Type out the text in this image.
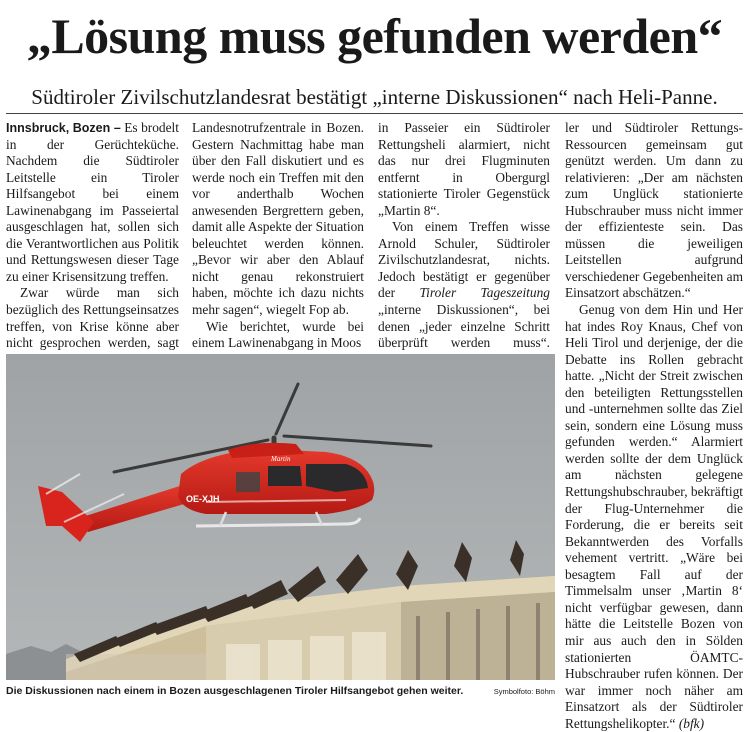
„Lösung muss gefunden werden“
Südtiroler Zivilschutzlandesrat bestätigt „interne Diskussionen“ nach Heli-Panne.

Innsbruck, Bozen – Es brodelt in der Gerüchteküche. Nachdem die Südtiroler Leitstelle ein Tiroler Hilfsangebot bei einem Lawinenabgang im Passeiertal ausgeschlagen hat, sollen sich die Verantwortlichen aus Politik und Rettungswesen dieser Tage zu einer Krisensitzung treffen.

Zwar würde man sich bezüglich des Rettungseinsatzes treffen, von Krise könne aber nicht gesprochen werden, sagt

Landesnotrufzentrale in Bozen. Gestern Nachmittag habe man über den Fall diskutiert und es werde noch ein Treffen mit den vor anderthalb Wochen anwesenden Bergrettern geben, damit alle Aspekte der Situation beleuchtet werden können. „Bevor wir aber den Ablauf nicht genau rekonstruiert haben, möchte ich dazu nichts mehr sagen“, wiegelt Fop ab.

Wie berichtet, wurde bei einem Lawinenabgang in Moos

in Passeier ein Südtiroler Rettungsheli alarmiert, nicht das nur drei Flugminuten entfernt in Obergurgl stationierte Tiroler Gegenstück „Martin 8“.

Von einem Treffen wisse Arnold Schuler, Südtiroler Zivilschutzlandesrat, nichts. Jedoch bestätigt er gegenüber der Tiroler Tageszeitung „interne Diskussionen“, bei denen „jeder einzelne Schritt überprüft werden muss“.

ler und Südtiroler Rettungs-Ressourcen gemeinsam gut genützt werden. Um dann zu relativieren: „Der am nächsten zum Unglück stationierte Hubschrauber muss nicht immer der effizienteste sein. Das müssen die jeweiligen Leitstellen aufgrund verschiedener Gegebenheiten am Einsatzort abschätzen.“

Genug von dem Hin und Her hat indes Roy Knaus, Chef von Heli Tirol und derjenige, der die Debatte ins Rollen gebracht hatte. „Nicht der Streit zwischen den beteiligten Rettungsstellen und -unternehmen sollte das Ziel sein, sondern eine Lösung muss gefunden werden.“ Alarmiert werden sollte der dem Unglück am nächsten gelegene Rettungshubschrauber, bekräftigt der Flug-Unternehmer die Forderung, die er bereits seit Bekanntwerden des Vorfalls vehement vertritt. „Wäre bei besagtem Fall auf der Timmelsalm unser ‚Martin 8‘ nicht verfügbar gewesen, dann hätte die Leitstelle Bozen von mir aus auch den in Sölden stationierten ÖAMTC-Hubschrauber rufen können. Der war immer noch näher am Einsatzort als der Südtiroler Rettungshelikopter.“ (bfk)

Martin
OE-XJH
Die Diskussionen nach einem in Bozen ausgeschlagenen Tiroler Hilfsangebot gehen weiter.	Symbolfoto: Böhm
